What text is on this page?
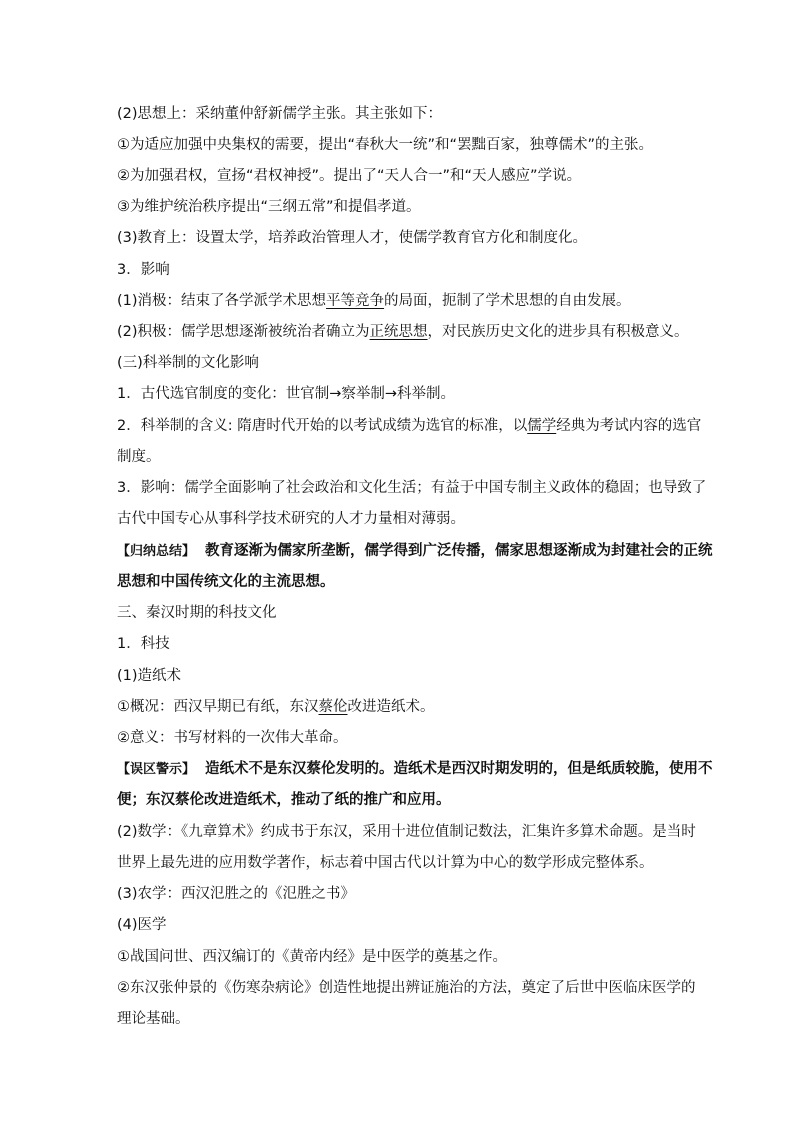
(2)思想上：采纳董仲舒新儒学主张。其主张如下：
①为适应加强中央集权的需要，提出“春秋大一统”和“罢黜百家，独尊儒术”的主张。
②为加强君权，宣扬“君权神授”。提出了“天人合一”和“天人感应”学说。
③为维护统治秩序提出“三纲五常”和提倡孝道。
(3)教育上：设置太学，培养政治管理人才，使儒学教育官方化和制度化。
3．影响
(1)消极：结束了各学派学术思想平等竞争的局面，扼制了学术思想的自由发展。
(2)积极：儒学思想逐渐被统治者确立为正统思想，对民族历史文化的进步具有积极意义。
(三)科举制的文化影响
1．古代选官制度的变化：世官制→察举制→科举制。
2．科举制的含义: 隋唐时代开始的以考试成绩为选官的标准，以儒学经典为考试内容的选官
制度。
3．影响：儒学全面影响了社会政治和文化生活；有益于中国专制主义政体的稳固；也导致了
古代中国专心从事科学技术研究的人才力量相对薄弱。
【归纳总结】 教育逐渐为儒家所垄断，儒学得到广泛传播，儒家思想逐渐成为封建社会的正统
思想和中国传统文化的主流思想。
三、秦汉时期的科技文化
1．科技
(1)造纸术
①概况：西汉早期已有纸，东汉蔡伦改进造纸术。
②意义：书写材料的一次伟大革命。
【误区警示】 造纸术不是东汉蔡伦发明的。造纸术是西汉时期发明的，但是纸质较脆，使用不
便；东汉蔡伦改进造纸术，推动了纸的推广和应用。
(2)数学：《九章算术》约成书于东汉，采用十进位值制记数法，汇集许多算术命题。是当时
世界上最先进的应用数学著作，标志着中国古代以计算为中心的数学形成完整体系。
(3)农学：西汉氾胜之的《氾胜之书》
(4)医学
①战国问世、西汉编订的《黄帝内经》是中医学的奠基之作。
②东汉张仲景的《伤寒杂病论》创造性地提出辨证施治的方法，奠定了后世中医临床医学的
理论基础。
